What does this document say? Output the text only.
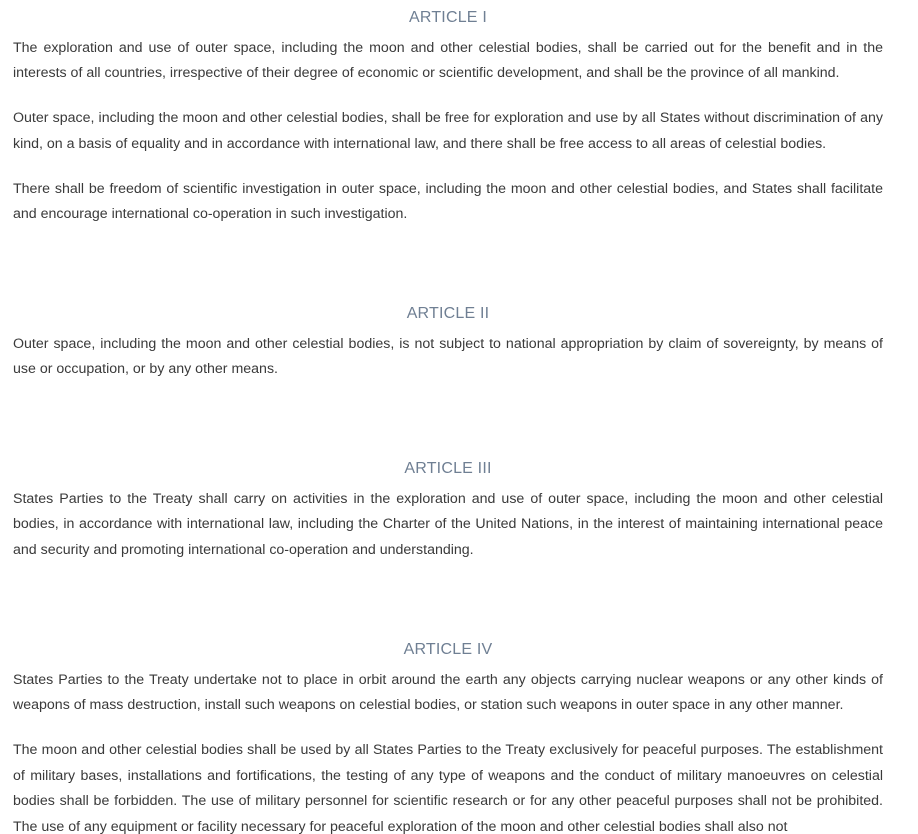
ARTICLE I

The exploration and use of outer space, including the moon and other celestial bodies, shall be carried out for the benefit and in the interests of all countries, irrespective of their degree of economic or scientific development, and shall be the province of all mankind.

Outer space, including the moon and other celestial bodies, shall be free for exploration and use by all States without discrimination of any kind, on a basis of equality and in accordance with international law, and there shall be free access to all areas of celestial bodies.

There shall be freedom of scientific investigation in outer space, including the moon and other celestial bodies, and States shall facilitate and encourage international co-operation in such investigation.

ARTICLE II

Outer space, including the moon and other celestial bodies, is not subject to national appropriation by claim of sovereignty, by means of use or occupation, or by any other means.

ARTICLE III

States Parties to the Treaty shall carry on activities in the exploration and use of outer space, including the moon and other celestial bodies, in accordance with international law, including the Charter of the United Nations, in the interest of maintaining international peace and security and promoting international co-operation and understanding.

ARTICLE IV

States Parties to the Treaty undertake not to place in orbit around the earth any objects carrying nuclear weapons or any other kinds of weapons of mass destruction, install such weapons on celestial bodies, or station such weapons in outer space in any other manner.

The moon and other celestial bodies shall be used by all States Parties to the Treaty exclusively for peaceful purposes. The establishment of military bases, installations and fortifications, the testing of any type of weapons and the conduct of military manoeuvres on celestial bodies shall be forbidden. The use of military personnel for scientific research or for any other peaceful purposes shall not be prohibited. The use of any equipment or facility necessary for peaceful exploration of the moon and other celestial bodies shall also not
